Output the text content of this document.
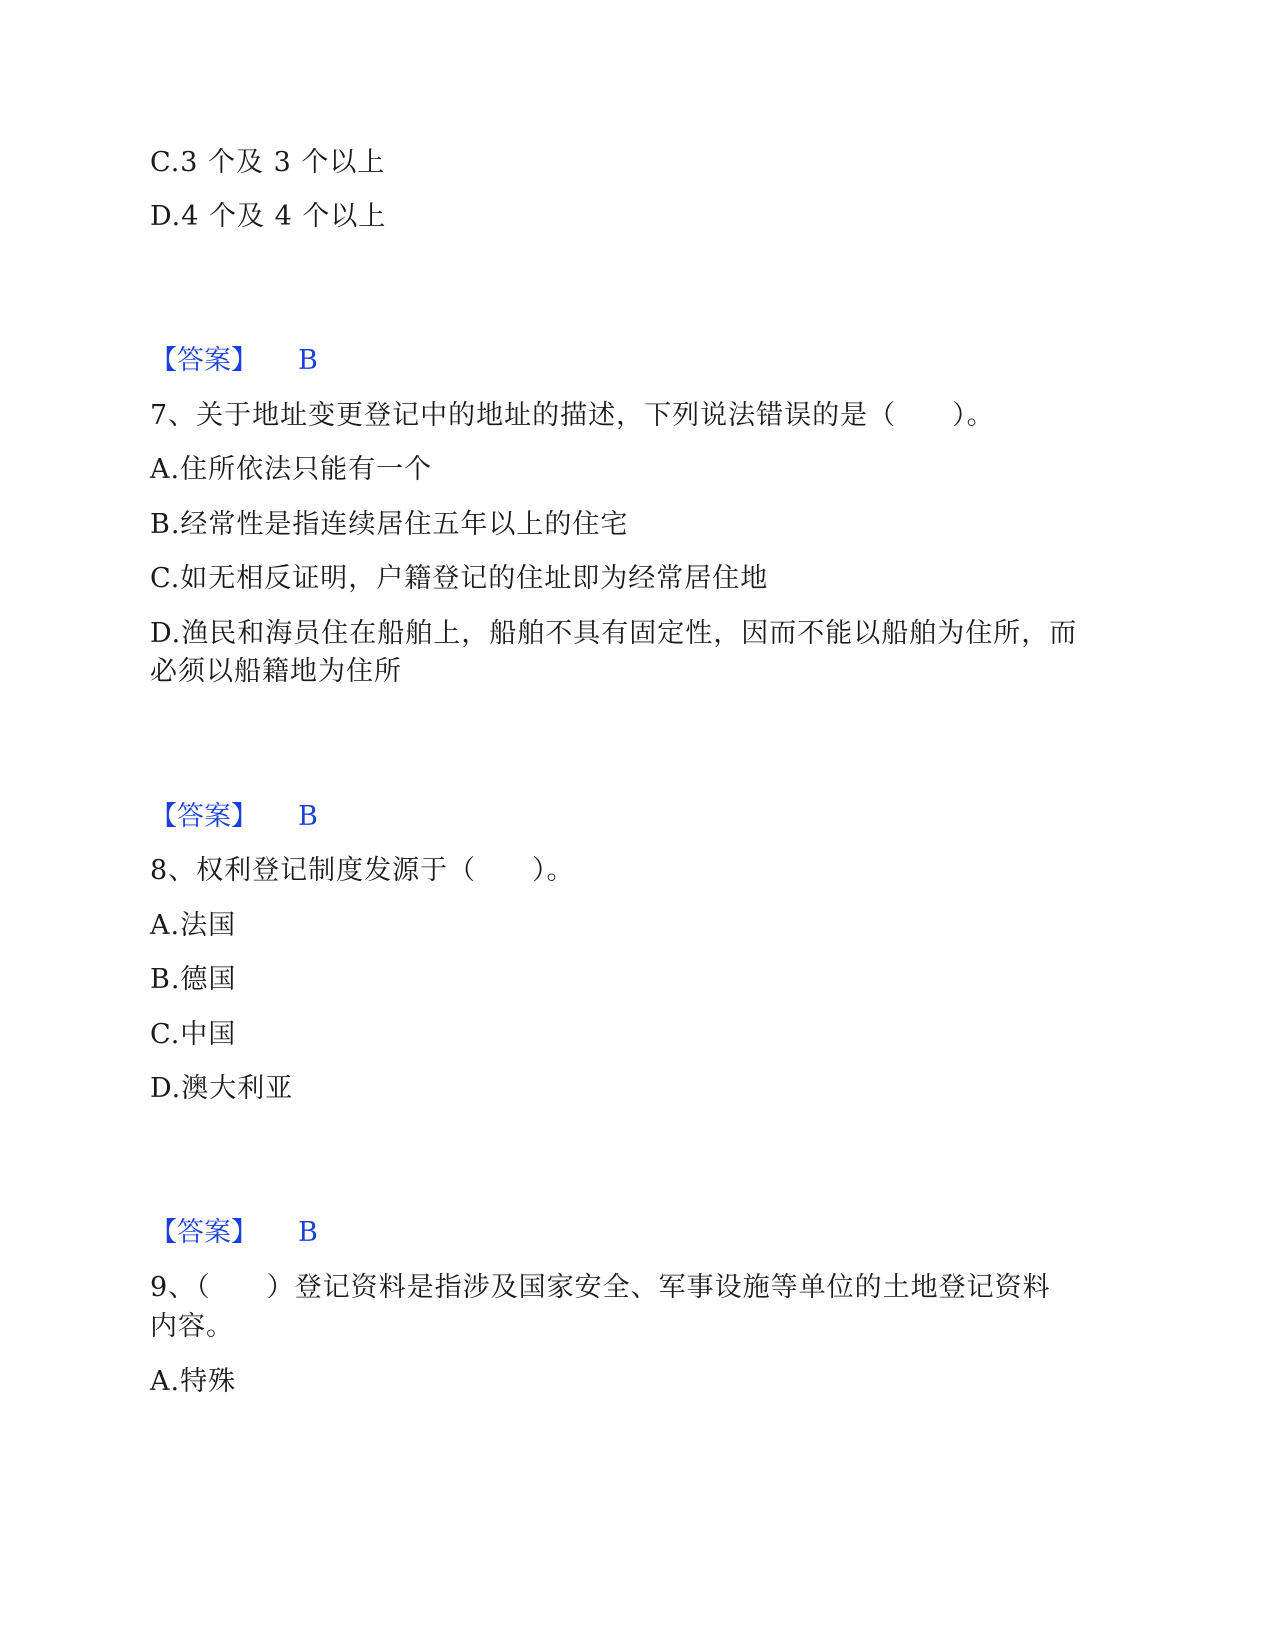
C.3 个及 3 个以上
D.4 个及 4 个以上
【答案】 B
7、关于地址变更登记中的地址的描述，下列说法错误的是（　　）。
A.住所依法只能有一个
B.经常性是指连续居住五年以上的住宅
C.如无相反证明，户籍登记的住址即为经常居住地
D.渔民和海员住在船舶上，船舶不具有固定性，因而不能以船舶为住所，而
必须以船籍地为住所
【答案】 B
8、权利登记制度发源于（　　）。
A.法国
B.德国
C.中国
D.澳大利亚
【答案】 B
9、（　　）登记资料是指涉及国家安全、军事设施等单位的土地登记资料
内容。
A.特殊
